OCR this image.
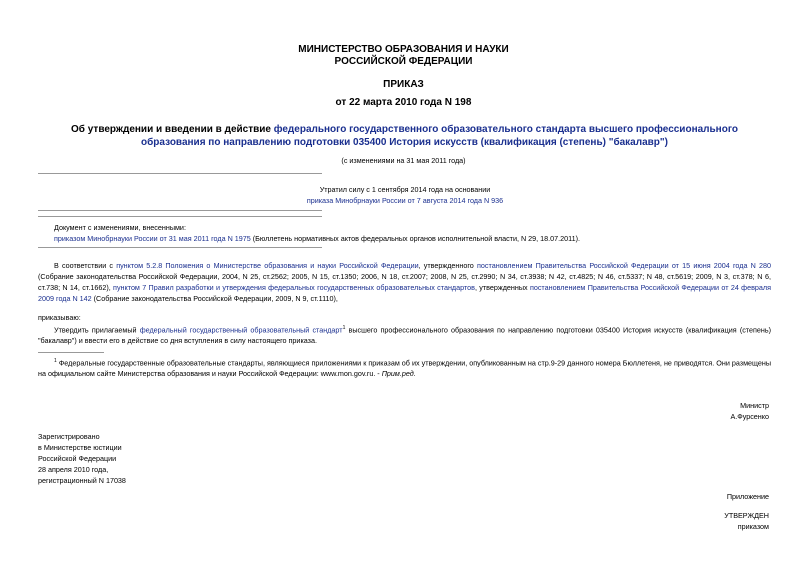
МИНИСТЕРСТВО ОБРАЗОВАНИЯ И НАУКИ
РОССИЙСКОЙ ФЕДЕРАЦИИ
ПРИКАЗ
от 22 марта 2010 года N 198
Об утверждении и введении в действие федерального государственного образовательного стандарта высшего профессионального образования по направлению подготовки 035400 История искусств (квалификация (степень) "бакалавр")
(с изменениями на 31 мая 2011 года)
Утратил силу с 1 сентября 2014 года на основании
приказа Минобрнауки России от 7 августа 2014 года N 936
Документ с изменениями, внесенными:
приказом Минобрнауки России от 31 мая 2011 года N 1975 (Бюллетень нормативных актов федеральных органов исполнительной власти, N 29, 18.07.2011).
В соответствии с пунктом 5.2.8 Положения о Министерстве образования и науки Российской Федерации, утвержденного постановлением Правительства Российской Федерации от 15 июня 2004 года N 280 (Собрание законодательства Российской Федерации, 2004, N 25, ст.2562; 2005, N 15, ст.1350; 2006, N 18, ст.2007; 2008, N 25, ст.2990; N 34, ст.3938; N 42, ст.4825; N 46, ст.5337; N 48, ст.5619; 2009, N 3, ст.378; N 6, ст.738; N 14, ст.1662), пунктом 7 Правил разработки и утверждения федеральных государственных образовательных стандартов, утвержденных постановлением Правительства Российской Федерации от 24 февраля 2009 года N 142 (Собрание законодательства Российской Федерации, 2009, N 9, ст.1110),
приказываю:
Утвердить прилагаемый федеральный государственный образовательный стандарт$^1$ высшего профессионального образования по направлению подготовки 035400 История искусств (квалификация (степень) "бакалавр") и ввести его в действие со дня вступления в силу настоящего приказа.
$^1$ Федеральные государственные образовательные стандарты, являющиеся приложениями к приказам об их утверждении, опубликованным на стр.9-29 данного номера Бюллетеня, не приводятся. Они размещены на официальном сайте Министерства образования и науки Российской Федерации: www.mon.gov.ru. - Прим.ред.
Министр
А.Фурсенко
Зарегистрировано
в Министерстве юстиции
Российской Федерации
28 апреля 2010 года,
регистрационный N 17038
Приложение
УТВЕРЖДЕН
приказом
